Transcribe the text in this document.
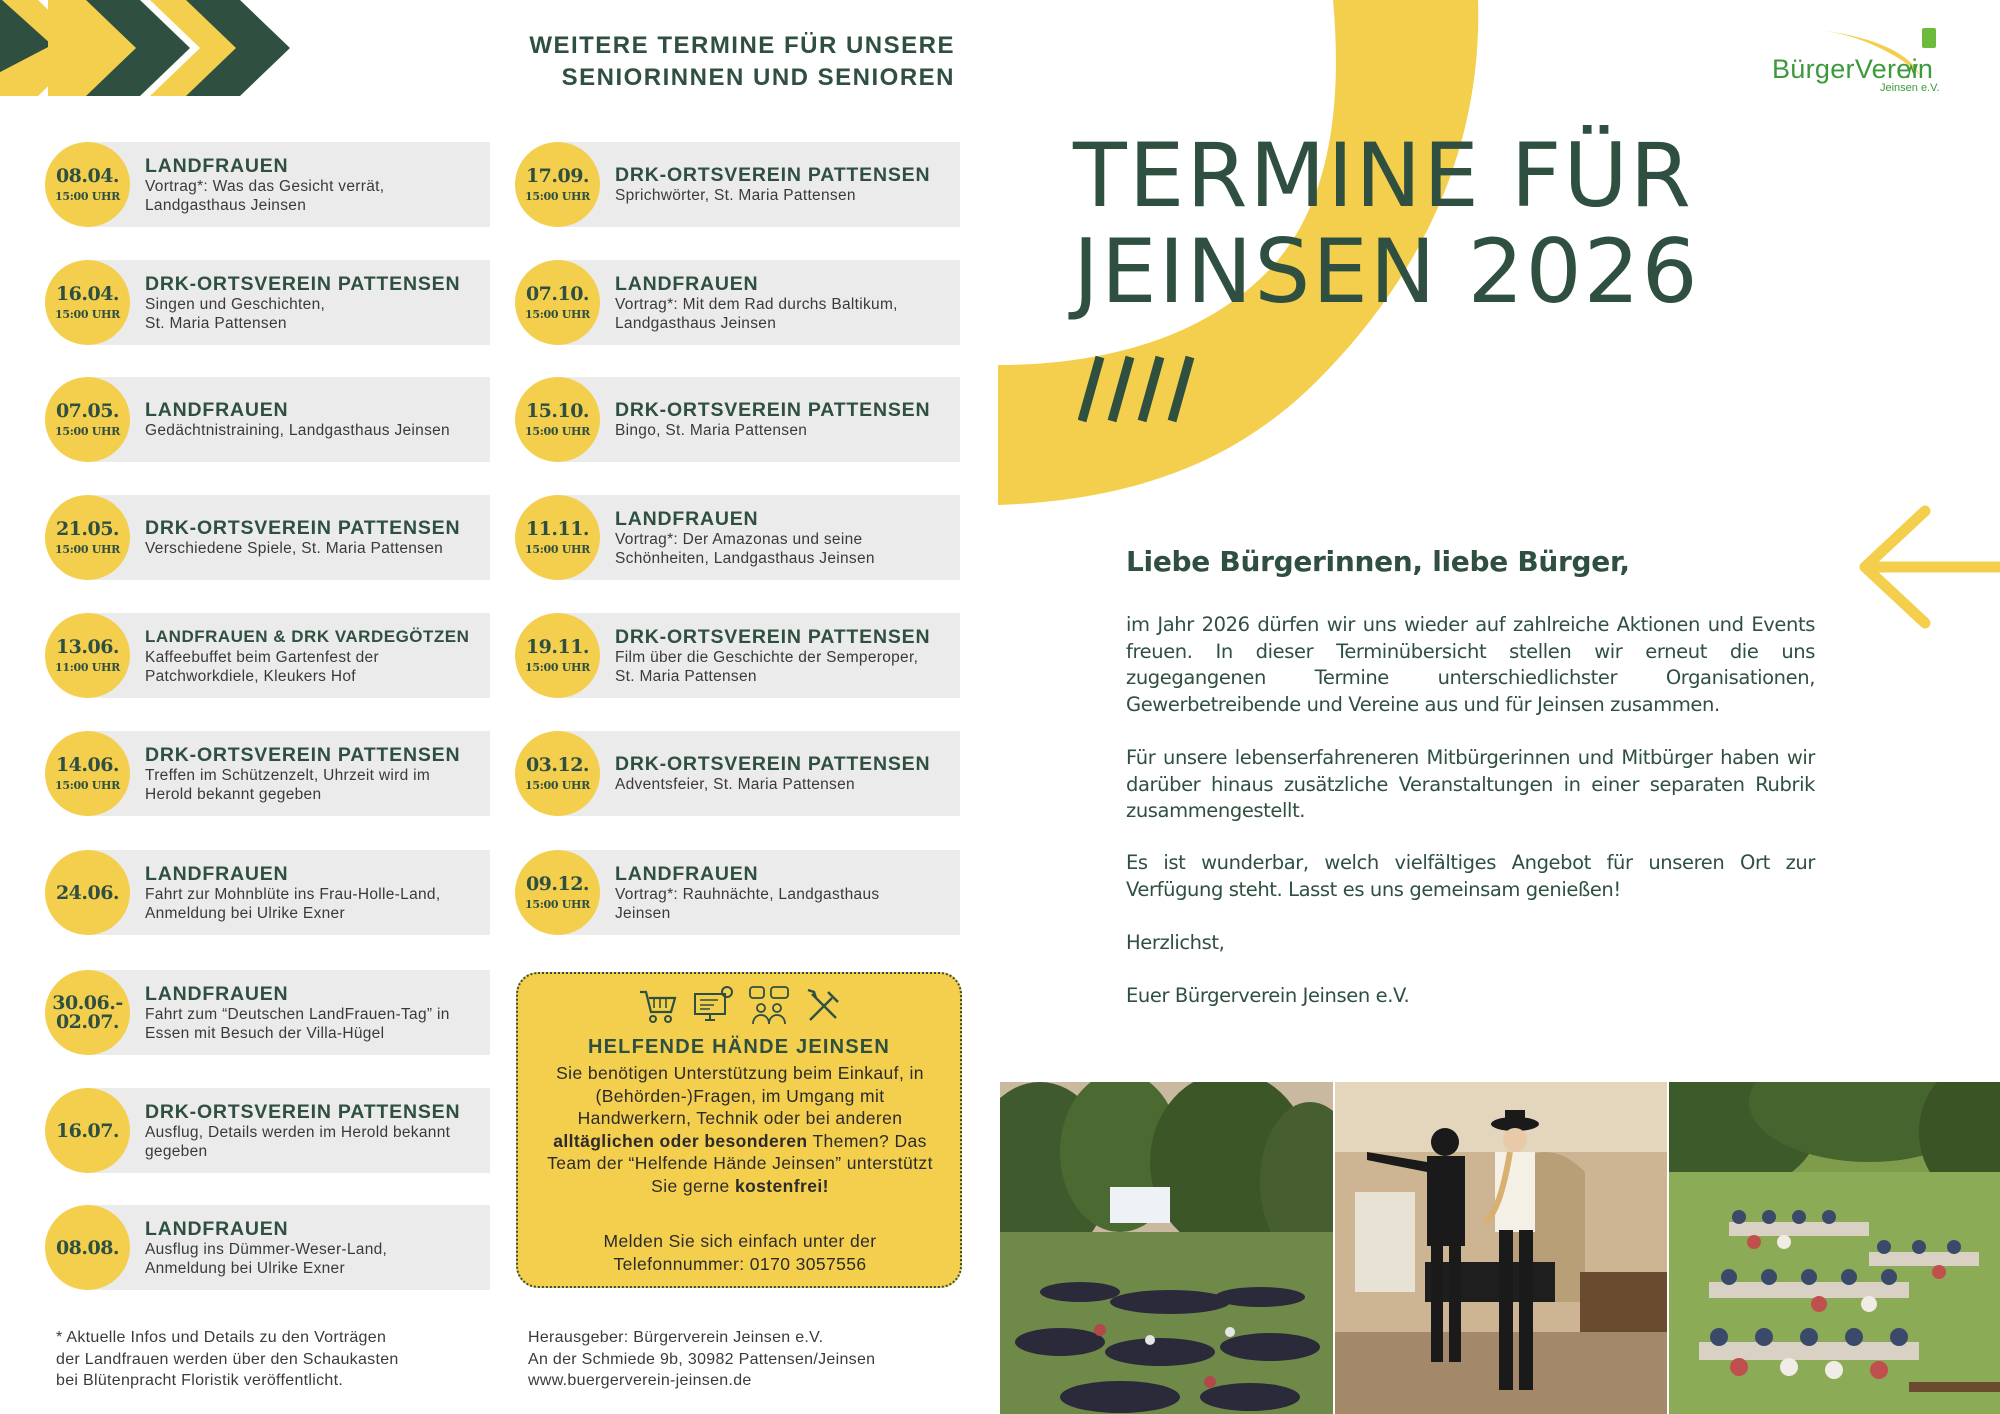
WEITERE TERMINE FÜR UNSERE
SENIORINNEN UND SENIOREN
08.04.
15:00 UHR
LANDFRAUEN
Vortrag*: Was das Gesicht verrät,
Landgasthaus Jeinsen
16.04.
15:00 UHR
DRK-ORTSVEREIN PATTENSEN
Singen und Geschichten,
St. Maria Pattensen
07.05.
15:00 UHR
LANDFRAUEN
Gedächtnistraining, Landgasthaus Jeinsen
21.05.
15:00 UHR
DRK-ORTSVEREIN PATTENSEN
Verschiedene Spiele, St. Maria Pattensen
13.06.
11:00 UHR
LANDFRAUEN & DRK VARDEGÖTZEN
Kaffeebuffet beim Gartenfest der
Patchworkdiele, Kleukers Hof
14.06.
15:00 UHR
DRK-ORTSVEREIN PATTENSEN
Treffen im Schützenzelt, Uhrzeit wird im
Herold bekannt gegeben
24.06.
LANDFRAUEN
Fahrt zur Mohnblüte ins Frau-Holle-Land,
Anmeldung bei Ulrike Exner
30.06.-
02.07.
LANDFRAUEN
Fahrt zum “Deutschen LandFrauen-Tag” in
Essen mit Besuch der Villa-Hügel
16.07.
DRK-ORTSVEREIN PATTENSEN
Ausflug, Details werden im Herold bekannt
gegeben
08.08.
LANDFRAUEN
Ausflug ins Dümmer-Weser-Land,
Anmeldung bei Ulrike Exner
17.09.
15:00 UHR
DRK-ORTSVEREIN PATTENSEN
Sprichwörter, St. Maria Pattensen
07.10.
15:00 UHR
LANDFRAUEN
Vortrag*: Mit dem Rad durchs Baltikum,
Landgasthaus Jeinsen
15.10.
15:00 UHR
DRK-ORTSVEREIN PATTENSEN
Bingo, St. Maria Pattensen
11.11.
15:00 UHR
LANDFRAUEN
Vortrag*: Der Amazonas und seine
Schönheiten, Landgasthaus Jeinsen
19.11.
15:00 UHR
DRK-ORTSVEREIN PATTENSEN
Film über die Geschichte der Semperoper,
St. Maria Pattensen
03.12.
15:00 UHR
DRK-ORTSVEREIN PATTENSEN
Adventsfeier, St. Maria Pattensen
09.12.
15:00 UHR
LANDFRAUEN
Vortrag*: Rauhnächte, Landgasthaus
Jeinsen
HELFENDE HÄNDE JEINSEN
Sie benötigen Unterstützung beim Einkauf, in (Behörden-)Fragen, im Umgang mit Handwerkern, Technik oder bei anderen alltäglichen oder besonderen Themen? Das Team der “Helfende Hände Jeinsen” unterstützt Sie gerne kostenfrei!
Melden Sie sich einfach unter der
Telefonnummer: 0170 3057556
* Aktuelle Infos und Details zu den Vorträgen
der Landfrauen werden über den Schaukasten
bei Blütenpracht Floristik veröffentlicht.
Herausgeber: Bürgerverein Jeinsen e.V.
An der Schmiede 9b, 30982 Pattensen/Jeinsen
www.buergerverein-jeinsen.de
BürgerVerein
Jeinsen e.V.
TERMINE FÜR
JEINSEN 2026
Liebe Bürgerinnen, liebe Bürger,
im Jahr 2026 dürfen wir uns wieder auf zahlreiche Aktionen und Events freuen. In dieser Terminübersicht stellen wir erneut die uns zugegangenen Termine unterschiedlichster Organisationen, Gewerbetreibende und Vereine aus und für Jeinsen zusammen.
Für unsere lebenserfahreneren Mitbürgerinnen und Mitbürger haben wir darüber hinaus zusätzliche Veranstaltungen in einer separaten Rubrik zusammengestellt.
Es ist wunderbar, welch vielfältiges Angebot für unseren Ort zur Verfügung steht. Lasst es uns gemeinsam genießen!
Herzlichst,
Euer Bürgerverein Jeinsen e.V.
